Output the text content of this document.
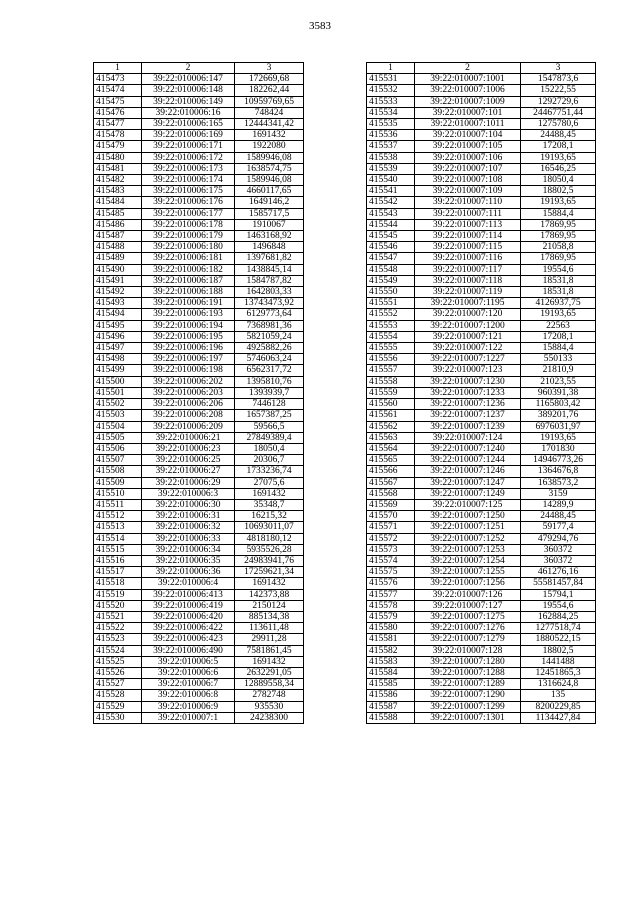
3583
1	2	3
415473	39:22:010006:147	172669,68
415474	39:22:010006:148	182262,44
415475	39:22:010006:149	10959769,65
415476	39:22:010006:16	748424
415477	39:22:010006:165	12444341,42
415478	39:22:010006:169	1691432
415479	39:22:010006:171	1922080
415480	39:22:010006:172	1589946,08
415481	39:22:010006:173	1638574,75
415482	39:22:010006:174	1589946,08
415483	39:22:010006:175	4660117,65
415484	39:22:010006:176	1649146,2
415485	39:22:010006:177	1585717,5
415486	39:22:010006:178	1910067
415487	39:22:010006:179	1463168,92
415488	39:22:010006:180	1496848
415489	39:22:010006:181	1397681,82
415490	39:22:010006:182	1438845,14
415491	39:22:010006:187	1584787,82
415492	39:22:010006:188	1642803,33
415493	39:22:010006:191	13743473,92
415494	39:22:010006:193	6129773,64
415495	39:22:010006:194	7368981,36
415496	39:22:010006:195	5821059,24
415497	39:22:010006:196	4925882,26
415498	39:22:010006:197	5746063,24
415499	39:22:010006:198	6562317,72
415500	39:22:010006:202	1395810,76
415501	39:22:010006:203	1393939,7
415502	39:22:010006:206	7446128
415503	39:22:010006:208	1657387,25
415504	39:22:010006:209	59566,5
415505	39:22:010006:21	27849389,4
415506	39:22:010006:23	18050,4
415507	39:22:010006:25	20306,7
415508	39:22:010006:27	1733236,74
415509	39:22:010006:29	27075,6
415510	39:22:010006:3	1691432
415511	39:22:010006:30	35348,7
415512	39:22:010006:31	16215,32
415513	39:22:010006:32	10693011,07
415514	39:22:010006:33	4818180,12
415515	39:22:010006:34	5935526,28
415516	39:22:010006:35	24983941,76
415517	39:22:010006:36	17259621,34
415518	39:22:010006:4	1691432
415519	39:22:010006:413	142373,88
415520	39:22:010006:419	2150124
415521	39:22:010006:420	885134,38
415522	39:22:010006:422	113611,48
415523	39:22:010006:423	29911,28
415524	39:22:010006:490	7581861,45
415525	39:22:010006:5	1691432
415526	39:22:010006:6	2632291,05
415527	39:22:010006:7	12889558,34
415528	39:22:010006:8	2782748
415529	39:22:010006:9	935530
415530	39:22:010007:1	24238300
1	2	3
415531	39:22:010007:1001	1547873,6
415532	39:22:010007:1006	15222,55
415533	39:22:010007:1009	1292729,6
415534	39:22:010007:101	24467751,44
415535	39:22:010007:1011	1275780,6
415536	39:22:010007:104	24488,45
415537	39:22:010007:105	17208,1
415538	39:22:010007:106	19193,65
415539	39:22:010007:107	16546,25
415540	39:22:010007:108	18050,4
415541	39:22:010007:109	18802,5
415542	39:22:010007:110	19193,65
415543	39:22:010007:111	15884,4
415544	39:22:010007:113	17869,95
415545	39:22:010007:114	17869,95
415546	39:22:010007:115	21058,8
415547	39:22:010007:116	17869,95
415548	39:22:010007:117	19554,6
415549	39:22:010007:118	18531,8
415550	39:22:010007:119	18531,8
415551	39:22:010007:1195	4126937,75
415552	39:22:010007:120	19193,65
415553	39:22:010007:1200	22563
415554	39:22:010007:121	17208,1
415555	39:22:010007:122	15884,4
415556	39:22:010007:1227	550133
415557	39:22:010007:123	21810,9
415558	39:22:010007:1230	21023,55
415559	39:22:010007:1233	960391,38
415560	39:22:010007:1236	1165803,42
415561	39:22:010007:1237	389201,76
415562	39:22:010007:1239	6976031,97
415563	39:22:010007:124	19193,65
415564	39:22:010007:1240	1701830
415565	39:22:010007:1244	14946773,26
415566	39:22:010007:1246	1364676,8
415567	39:22:010007:1247	1638573,2
415568	39:22:010007:1249	3159
415569	39:22:010007:125	14289,9
415570	39:22:010007:1250	24488,45
415571	39:22:010007:1251	59177,4
415572	39:22:010007:1252	479294,76
415573	39:22:010007:1253	360372
415574	39:22:010007:1254	360372
415575	39:22:010007:1255	461276,16
415576	39:22:010007:1256	55581457,84
415577	39:22:010007:126	15794,1
415578	39:22:010007:127	19554,6
415579	39:22:010007:1275	162884,25
415580	39:22:010007:1276	1277518,74
415581	39:22:010007:1279	1880522,15
415582	39:22:010007:128	18802,5
415583	39:22:010007:1280	1441488
415584	39:22:010007:1288	12451865,3
415585	39:22:010007:1289	1316624,8
415586	39:22:010007:1290	135
415587	39:22:010007:1299	8200229,85
415588	39:22:010007:1301	1134427,84
